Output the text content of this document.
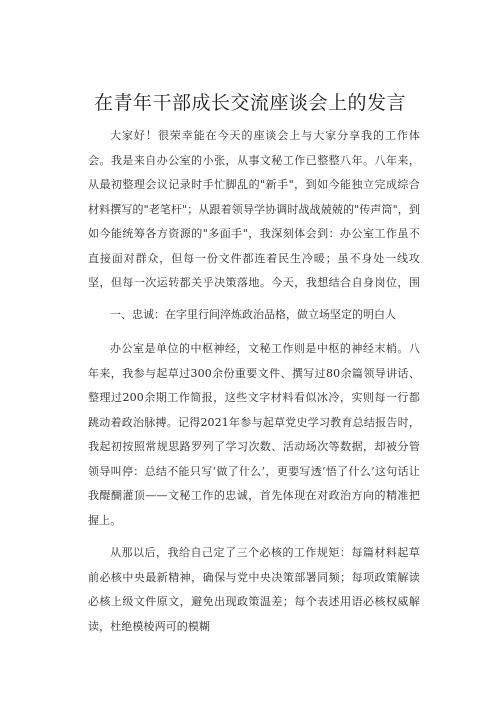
在青年干部成长交流座谈会上的发言

大家好！很荣幸能在今天的座谈会上与大家分享我的工作体会。我是来自办公室的小张，从事文秘工作已整整八年。八年来，从最初整理会议记录时手忙脚乱的"新手"，到如今能独立完成综合材料撰写的"老笔杆"；从跟着领导学协调时战战兢兢的"传声筒"，到如今能统筹各方资源的"多面手"，我深刻体会到：办公室工作虽不直接面对群众，但每一份文件都连着民生冷暖；虽不身处一线攻坚，但每一次运转都关乎决策落地。今天，我想结合自身岗位，围

一、忠诚：在字里行间淬炼政治品格，做立场坚定的明白人

办公室是单位的中枢神经，文秘工作则是中枢的神经末梢。八年来，我参与起草过300余份重要文件、撰写过80余篇领导讲话、整理过200余期工作简报，这些文字材料看似冰冷，实则每一行都跳动着政治脉搏。记得2021年参与起草党史学习教育总结报告时，我起初按照常规思路罗列了学习次数、活动场次等数据，却被分管领导叫停：总结不能只写‘做了什么’，更要写透‘悟了什么’这句话让我醍醐灌顶——文秘工作的忠诚，首先体现在对政治方向的精准把握上。

从那以后，我给自己定了三个必核的工作规矩：每篇材料起草前必核中央最新精神，确保与党中央决策部署同频；每项政策解读必核上级文件原文，避免出现政策温差；每个表述用语必核权威解读，杜绝模棱两可的模糊
